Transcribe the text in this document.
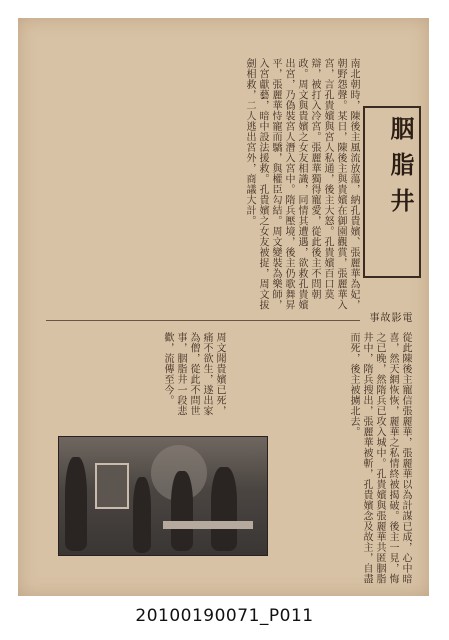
南北朝時，陳後主風流放蕩，納孔貴嬪、張麗華為妃，朝野怨聲。某日，陳後主與貴嬪在御園觀賞，張麗華入宮，言孔貴嬪與宮人私通，後主大怒。孔貴嬪百口莫辯，被打入冷宮。張麗華獨得寵愛，從此後主不問朝政。周文與貴嬪之女友相識，同情其遭遇，欲救孔貴嬪出宮，乃偽裝宮人潛入宮中。隋兵壓境，後主仍歌舞昇平，張麗華恃寵而驕，與權臣勾結。周文變裝為樂師，入宮獻藝，暗中設法援救。孔貴嬪之女友被捉，周文拔劍相救，二人逃出宮外，商議大計。	胭脂井
電影故事
從此陳後主寵信張麗華，張麗華以為計謀已成，心中暗喜，然天網恢恢，麗華之私情終被揭破。後主一見，悔之已晚，然隋兵已攻入城中。孔貴嬪與張麗華共匿胭脂井中，隋兵搜出，張麗華被斬，孔貴嬪念及故主，自盡而死，後主被擄北去。
周文聞貴嬪已死，痛不欲生，遂出家為僧，從此不問世事，胭脂井一段悲歡，流傳至今。
20100190071_P011
